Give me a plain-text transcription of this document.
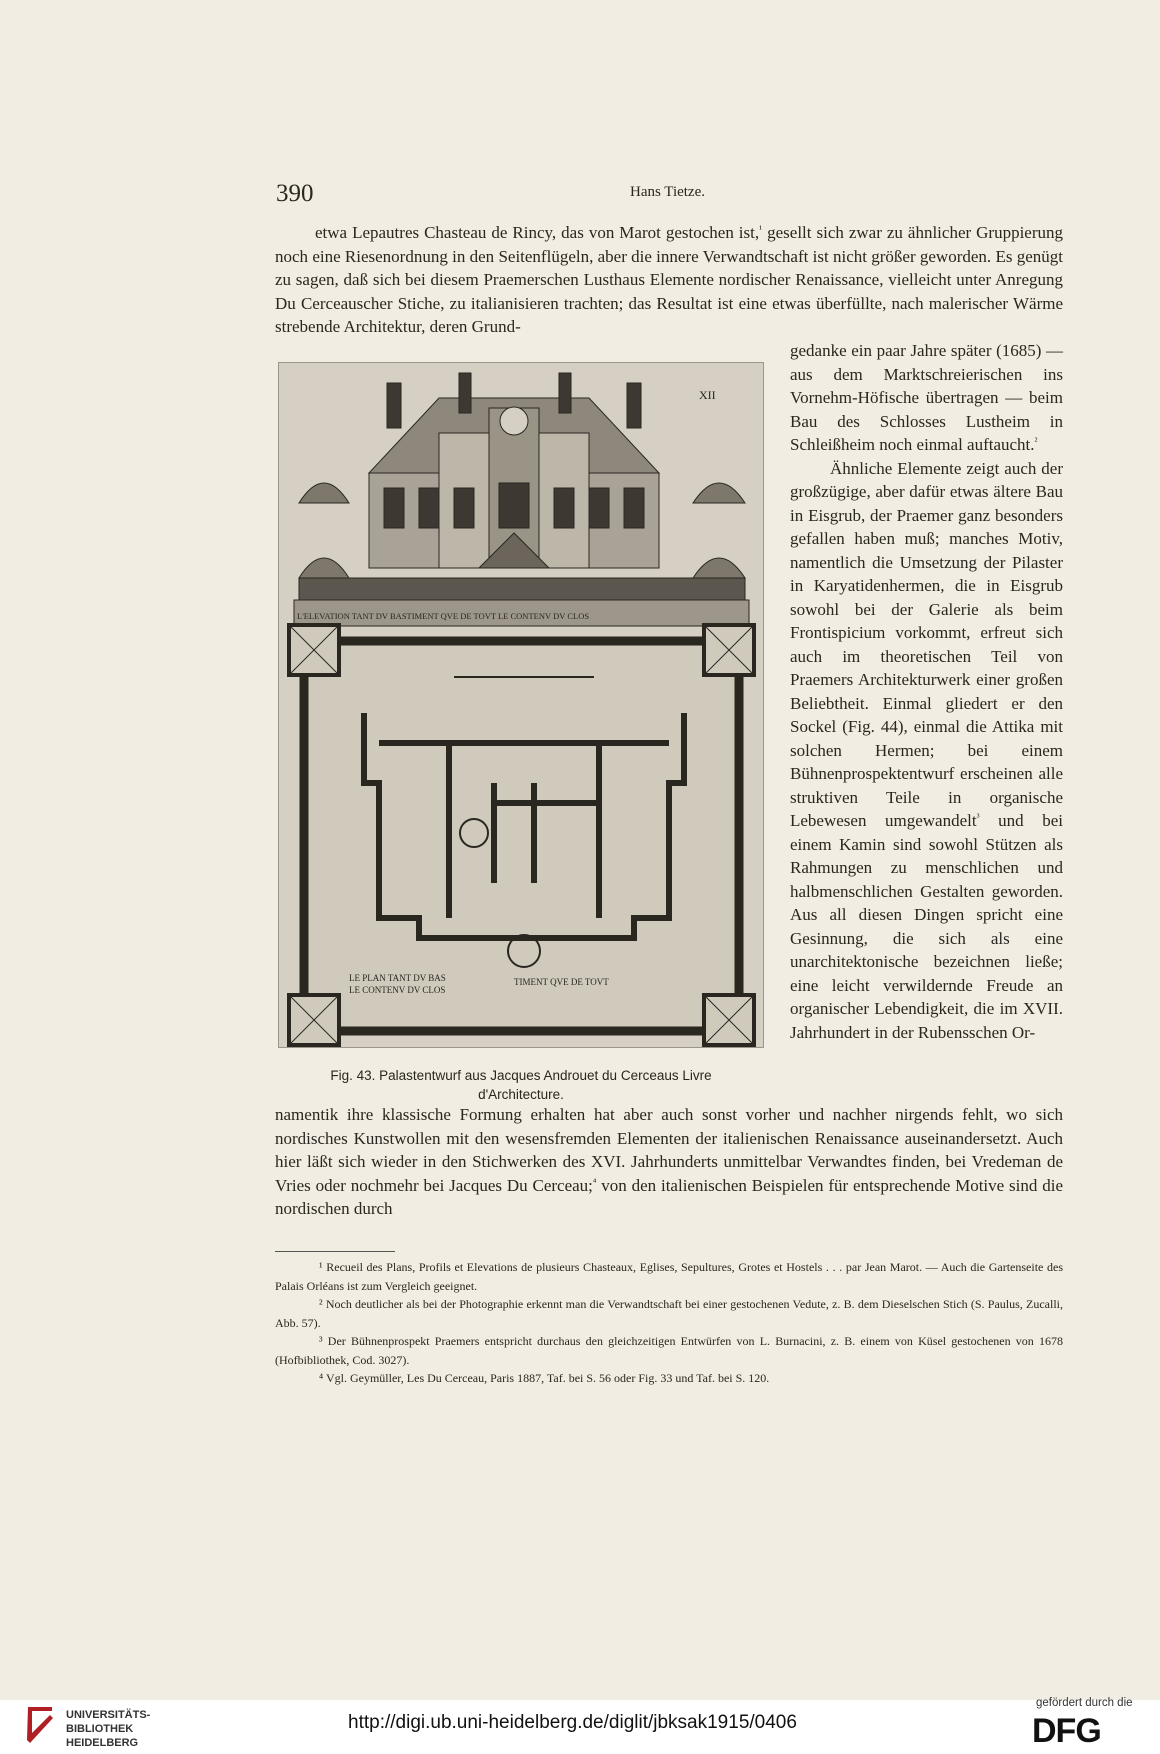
390	Hans Tietze.

etwa Lepautres Chasteau de Rincy, das von Marot gestochen ist,$^{^1}$ gesellt sich zwar zu ähnlicher Gruppierung noch eine Riesenordnung in den Seitenflügeln, aber die innere Verwandtschaft ist nicht größer geworden. Es genügt zu sagen, daß sich bei diesem Praemerschen Lusthaus Elemente nordischer Renaissance, vielleicht unter Anregung Du Cerceauscher Stiche, zu italianisieren trachten; das Resultat ist eine etwas überfüllte, nach malerischer Wärme strebende Architektur, deren Grund-

gedanke ein paar Jahre später (1685) — aus dem Marktschreierischen ins Vornehm-Höfische übertragen — beim Bau des Schlosses Lustheim in Schleißheim noch einmal auftaucht.$^{^2}$

Ähnliche Elemente zeigt auch der großzügige, aber dafür etwas ältere Bau in Eisgrub, der Praemer ganz besonders gefallen haben muß; manches Motiv, namentlich die Umsetzung der Pilaster in Karyatidenhermen, die in Eisgrub sowohl bei der Galerie als beim Frontispicium vorkommt, erfreut sich auch im theoretischen Teil von Praemers Architekturwerk einer großen Beliebtheit. Einmal gliedert er den Sockel (Fig. 44), einmal die Attika mit solchen Hermen; bei einem Bühnenprospektentwurf erscheinen alle struktiven Teile in organische Lebewesen umgewandelt$^{^3}$ und bei einem Kamin sind sowohl Stützen als Rahmungen zu menschlichen und halbmenschlichen Gestalten geworden. Aus all diesen Dingen spricht eine Gesinnung, die sich als eine unarchitektonische bezeichnen ließe; eine leicht verwildernde Freude an organischer Lebendigkeit, die im XVII. Jahrhundert in der Rubensschen Or-

XII
L'ELEVATION TANT DV BASTIMENT QVE DE TOVT LE CONTENV DV CLOS
LE PLAN TANT DV BAS
LE CONTENV DV CLOS
TIMENT QVE DE TOVT
Fig. 43. Palastentwurf aus Jacques Androuet du Cerceaus Livre
d'Architecture.

namentik ihre klassische Formung erhalten hat aber auch sonst vorher und nachher nirgends fehlt, wo sich nordisches Kunstwollen mit den wesensfremden Elementen der italienischen Renaissance auseinandersetzt. Auch hier läßt sich wieder in den Stichwerken des XVI. Jahrhunderts unmittelbar Verwandtes finden, bei Vredeman de Vries oder nochmehr bei Jacques Du Cerceau;$^{^4}$ von den italienischen Beispielen für entsprechende Motive sind die nordischen durch

¹ Recueil des Plans, Profils et Elevations de plusieurs Chasteaux, Eglises, Sepultures, Grotes et Hostels . . . par Jean Marot. — Auch die Gartenseite des Palais Orléans ist zum Vergleich geeignet.

² Noch deutlicher als bei der Photographie erkennt man die Verwandtschaft bei einer gestochenen Vedute, z. B. dem Dieselschen Stich (S. Paulus, Zucalli, Abb. 57).

³ Der Bühnenprospekt Praemers entspricht durchaus den gleichzeitigen Entwürfen von L. Burnacini, z. B. einem von Küsel gestochenen von 1678 (Hofbibliothek, Cod. 3027).

⁴ Vgl. Geymüller, Les Du Cerceau, Paris 1887, Taf. bei S. 56 oder Fig. 33 und Taf. bei S. 120.

UNIVERSITÄTS-
BIBLIOTHEK
HEIDELBERG
http://digi.ub.uni-heidelberg.de/diglit/jbksak1915/0406
gefördert durch die
DFG
